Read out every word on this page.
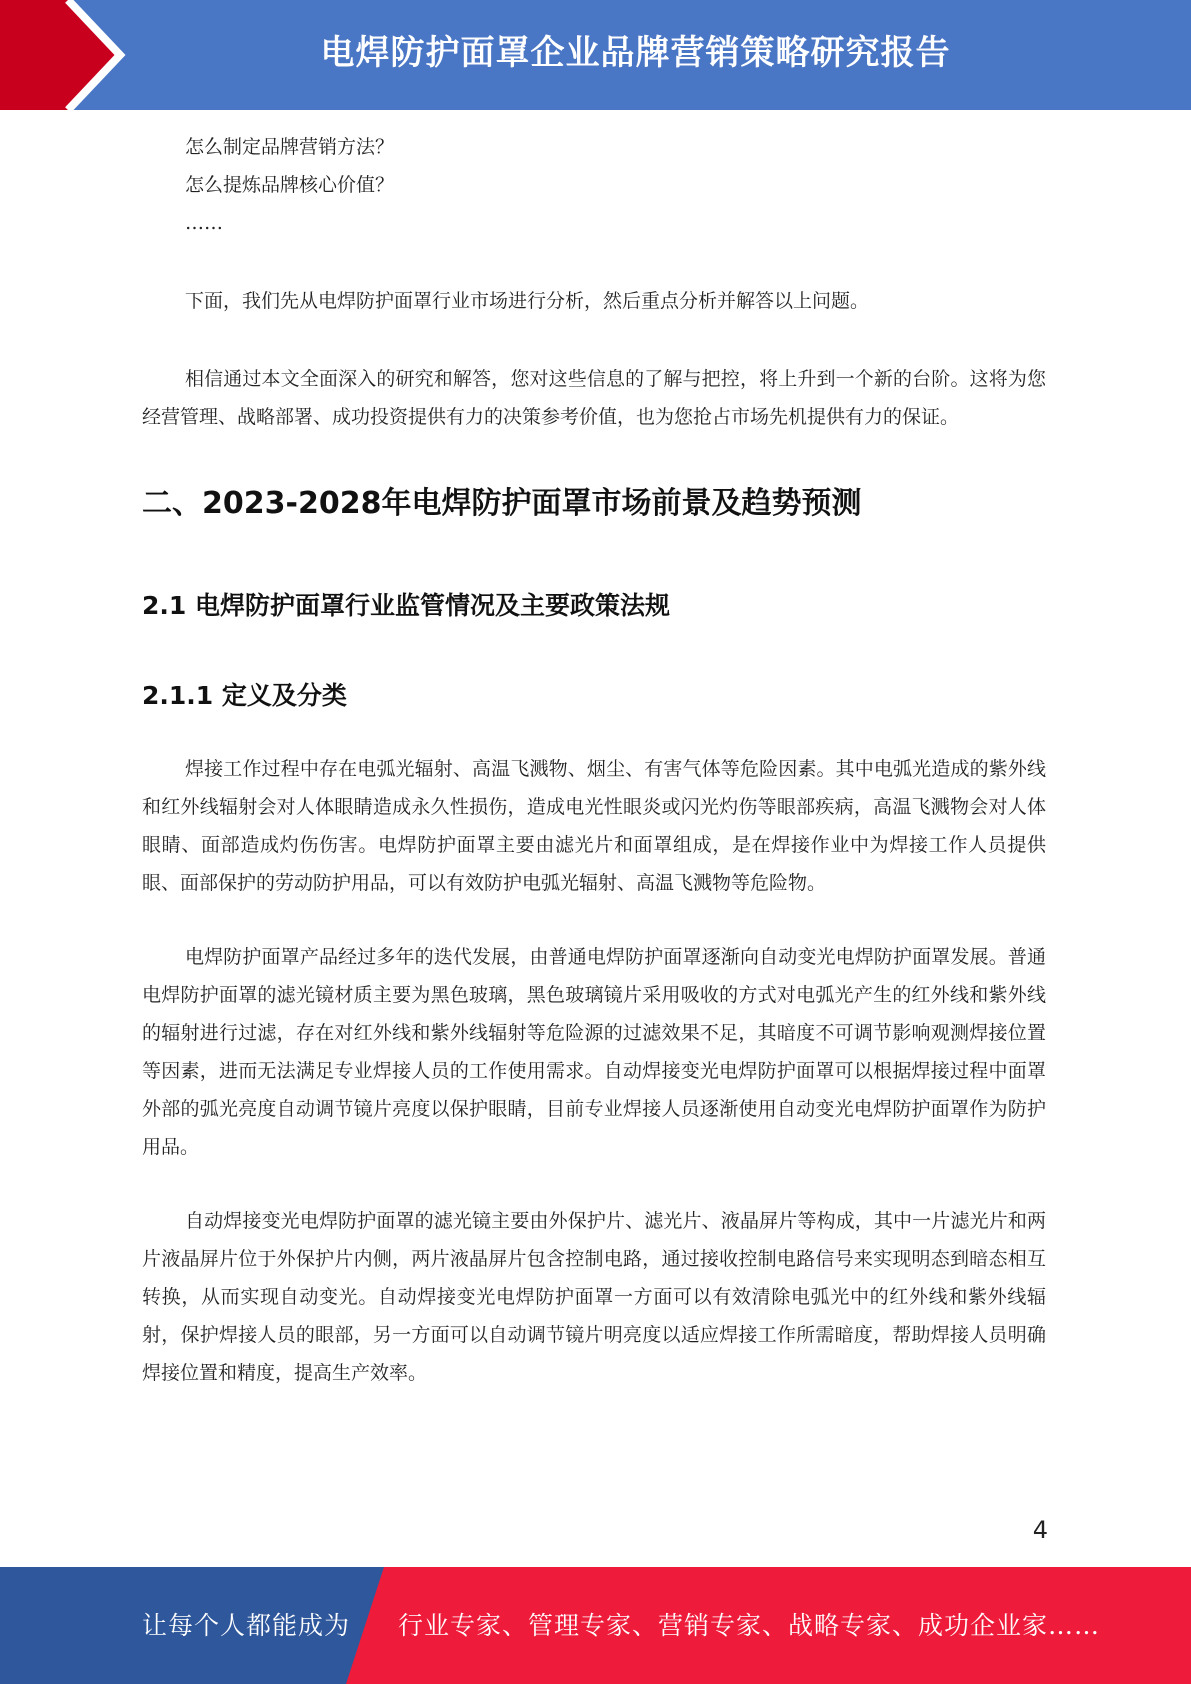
电焊防护面罩企业品牌营销策略研究报告

怎么制定品牌营销方法？

怎么提炼品牌核心价值？

……

下面，我们先从电焊防护面罩行业市场进行分析，然后重点分析并解答以上问题。

相信通过本文全面深入的研究和解答，您对这些信息的了解与把控，将上升到一个新的台阶。这将为您经营管理、战略部署、成功投资提供有力的决策参考价值，也为您抢占市场先机提供有力的保证。

二、2023-2028年电焊防护面罩市场前景及趋势预测
2.1 电焊防护面罩行业监管情况及主要政策法规
2.1.1 定义及分类

焊接工作过程中存在电弧光辐射、高温飞溅物、烟尘、有害气体等危险因素。其中电弧光造成的紫外线和红外线辐射会对人体眼睛造成永久性损伤，造成电光性眼炎或闪光灼伤等眼部疾病，高温飞溅物会对人体眼睛、面部造成灼伤伤害。电焊防护面罩主要由滤光片和面罩组成，是在焊接作业中为焊接工作人员提供眼、面部保护的劳动防护用品，可以有效防护电弧光辐射、高温飞溅物等危险物。

电焊防护面罩产品经过多年的迭代发展，由普通电焊防护面罩逐渐向自动变光电焊防护面罩发展。普通电焊防护面罩的滤光镜材质主要为黑色玻璃，黑色玻璃镜片采用吸收的方式对电弧光产生的红外线和紫外线的辐射进行过滤，存在对红外线和紫外线辐射等危险源的过滤效果不足，其暗度不可调节影响观测焊接位置等因素，进而无法满足专业焊接人员的工作使用需求。自动焊接变光电焊防护面罩可以根据焊接过程中面罩外部的弧光亮度自动调节镜片亮度以保护眼睛，目前专业焊接人员逐渐使用自动变光电焊防护面罩作为防护用品。

自动焊接变光电焊防护面罩的滤光镜主要由外保护片、滤光片、液晶屏片等构成，其中一片滤光片和两片液晶屏片位于外保护片内侧，两片液晶屏片包含控制电路，通过接收控制电路信号来实现明态到暗态相互转换，从而实现自动变光。自动焊接变光电焊防护面罩一方面可以有效清除电弧光中的红外线和紫外线辐射，保护焊接人员的眼部，另一方面可以自动调节镜片明亮度以适应焊接工作所需暗度，帮助焊接人员明确焊接位置和精度，提高生产效率。

4
让每个人都能成为 行业专家、管理专家、营销专家、战略专家、成功企业家……
